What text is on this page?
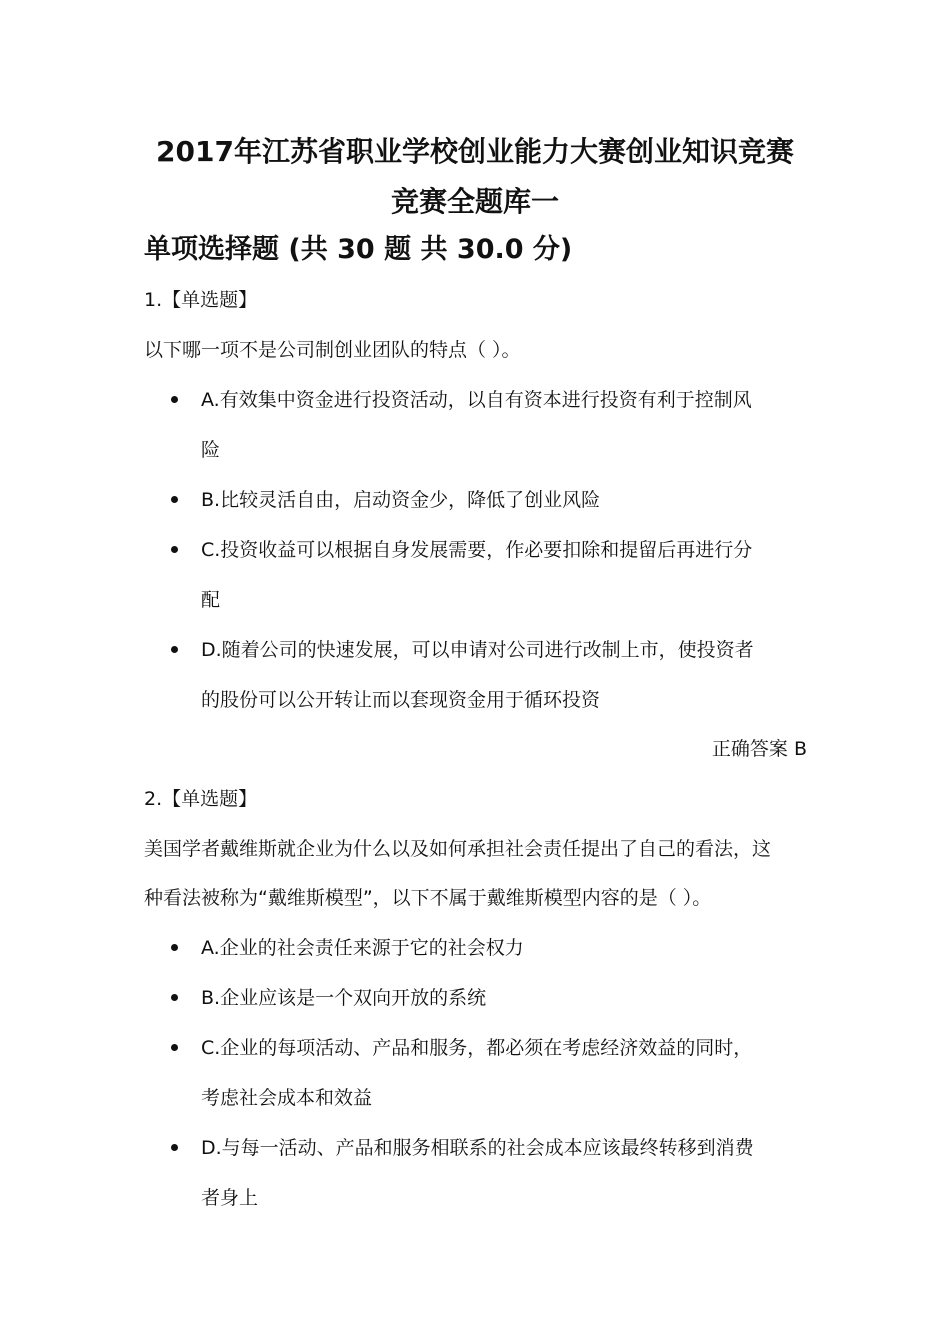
2017年江苏省职业学校创业能力大赛创业知识竞赛
竞赛全题库一
单项选择题 (共 30 题 共 30.0 分)
1.【单选题】
以下哪一项不是公司制创业团队的特点（ ）。
A.有效集中资金进行投资活动，以自有资本进行投资有利于控制风
险
B.比较灵活自由，启动资金少，降低了创业风险
C.投资收益可以根据自身发展需要，作必要扣除和提留后再进行分
配
D.随着公司的快速发展，可以申请对公司进行改制上市，使投资者
的股份可以公开转让而以套现资金用于循环投资
正确答案 B
2.【单选题】
美国学者戴维斯就企业为什么以及如何承担社会责任提出了自己的看法，这
种看法被称为“戴维斯模型”，以下不属于戴维斯模型内容的是（ ）。
A.企业的社会责任来源于它的社会权力
B.企业应该是一个双向开放的系统
C.企业的每项活动、产品和服务，都必须在考虑经济效益的同时，
考虑社会成本和效益
D.与每一活动、产品和服务相联系的社会成本应该最终转移到消费
者身上
